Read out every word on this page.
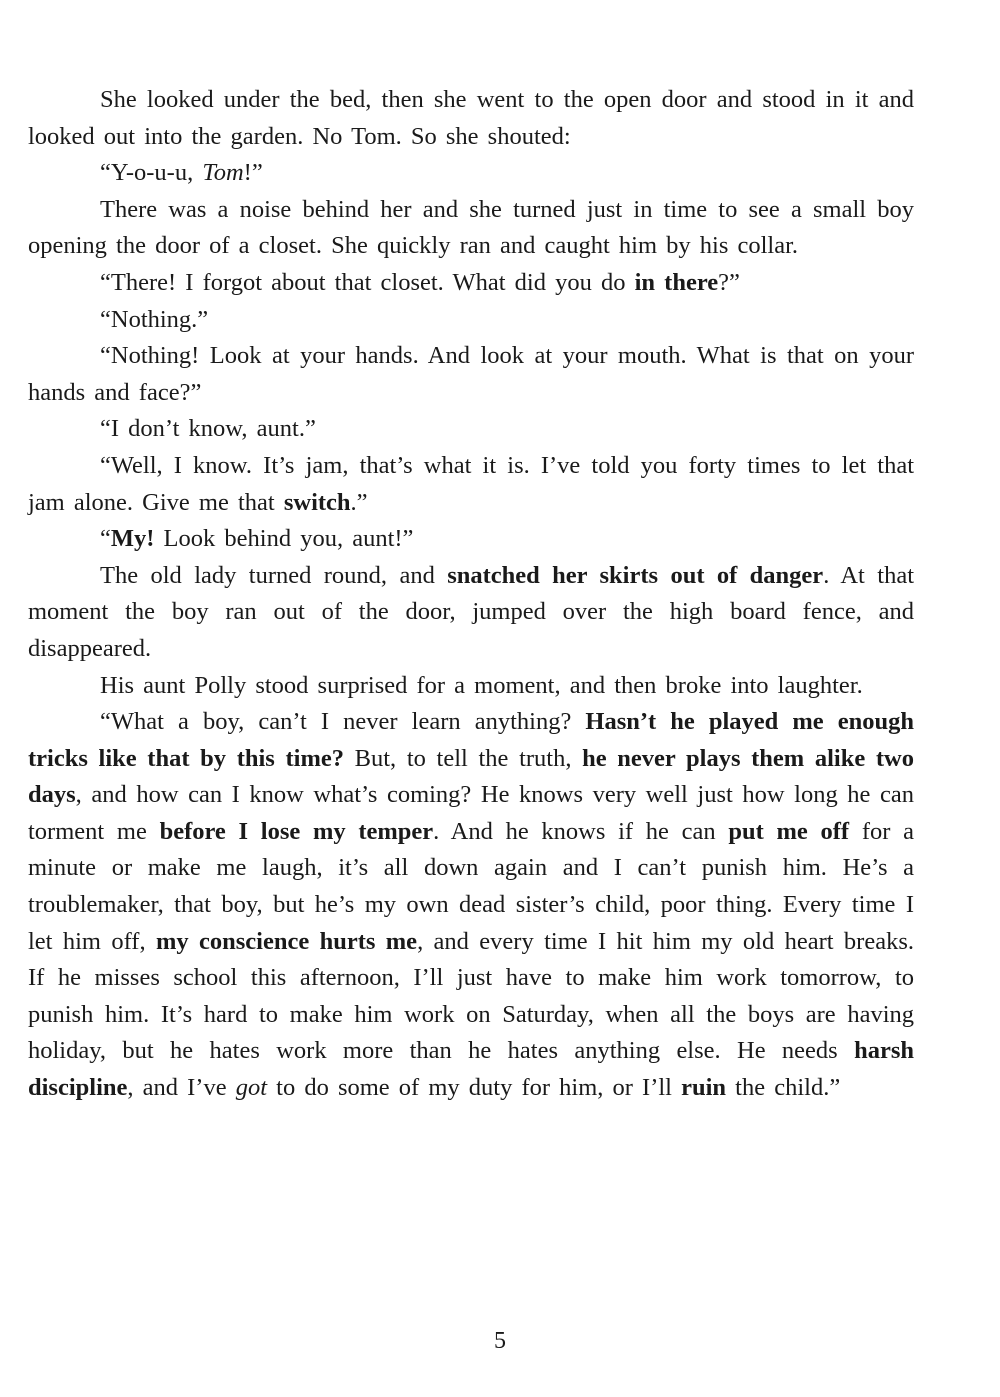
She looked under the bed, then she went to the open door and stood in it and looked out into the garden. No Tom. So she shouted:

“Y-o-u-u, Tom!”

There was a noise behind her and she turned just in time to see a small boy opening the door of a closet. She quickly ran and caught him by his collar.

“There! I forgot about that closet. What did you do in there?”

“Nothing.”

“Nothing! Look at your hands. And look at your mouth. What is that on your hands and face?”

“I don’t know, aunt.”

“Well, I know. It’s jam, that’s what it is. I’ve told you forty times to let that jam alone. Give me that switch.”

“My! Look behind you, aunt!”

The old lady turned round, and snatched her skirts out of danger. At that moment the boy ran out of the door, jumped over the high board fence, and disappeared.

His aunt Polly stood surprised for a moment, and then broke into laughter.

“What a boy, can’t I never learn anything? Hasn’t he played me enough tricks like that by this time? But, to tell the truth, he never plays them alike two days, and how can I know what’s coming? He knows very well just how long he can torment me before I lose my temper. And he knows if he can put me off for a minute or make me laugh, it’s all down again and I can’t punish him. He’s a troublemaker, that boy, but he’s my own dead sister’s child, poor thing. Every time I let him off, my conscience hurts me, and every time I hit him my old heart breaks. If he misses school this afternoon, I’ll just have to make him work tomorrow, to punish him. It’s hard to make him work on Saturday, when all the boys are having holiday, but he hates work more than he hates anything else. He needs harsh discipline, and I’ve got to do some of my duty for him, or I’ll ruin the child.”

5
